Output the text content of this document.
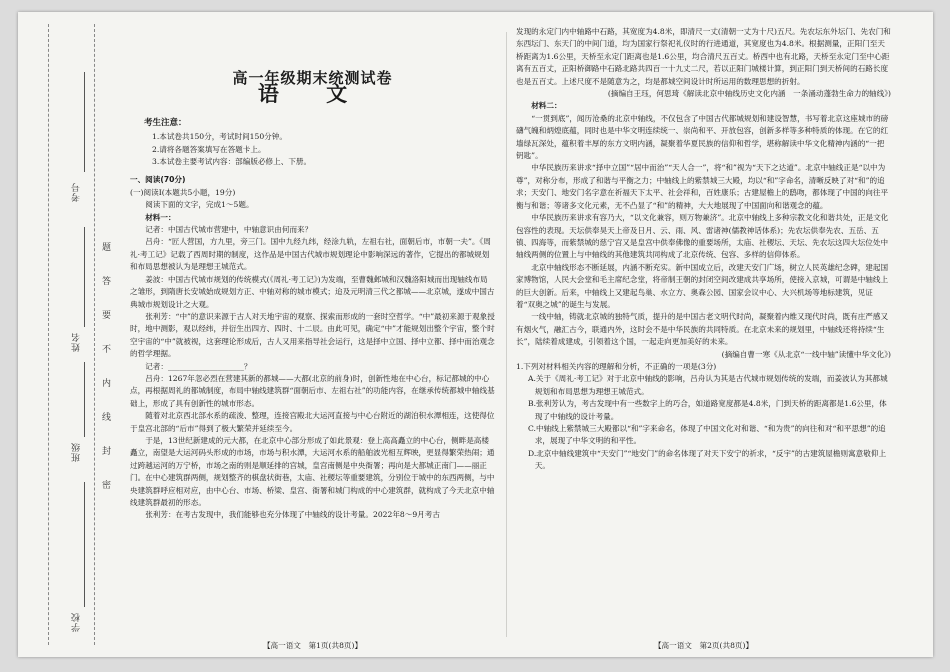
考号
姓名
班级
学校
题
答
要
不
内
线
封
密
高一年级期末统测试卷
语 文
考生注意：

1.本试卷共150分，考试时间150分钟。

2.请将各题答案填写在答题卡上。

3.本试卷主要考试内容：部编版必修上、下册。

一、阅读(70分)

(一)阅读Ⅰ(本题共5小题，19分)

阅读下面的文字，完成1～5题。

材料一：

记者：中国古代城市营建中，中轴意识由何而来？

吕舟：“匠人营国，方九里，旁三门。国中九经九纬，经涂九轨，左祖右社，面朝后市，市朝一夫”。《周礼·考工记》记载了西周时期的制度，这作品是中国古代城市规划理论中影响深远的著作，它提出的都城规划和布局思想被认为是理想王城范式。

姜波：中国古代城市规划的传统模式(《周礼·考工记》)为发端，至曹魏邺城和汉魏洛阳城而出现轴线布局之雏形，到隋唐长安城始成规划方正、中轴对称的城市模式；迨及元明清三代之都城——北京城，遂成中国古典城市规划设计之大观。

张利芳：“中”的意识来源于古人对天地宇宙的观察、探索而形成的一套时空哲学。“中”最初来源于观象授时，地中测影，观以经纬，并衍生出四方、四时、十二辰。由此可见，确定“中”才能规划出整个宇宙，整个时空宇宙的“中”就被视，这套理论形成后，古人又用来指导社会运行，这是择中立国、择中立都、择中而治观念的哲学理据。

记者：____________________？

吕舟：1267年忽必烈在营建其新的都城——大都(北京的前身)时，创新性地在中心台，标记都城的中心点，再根据周礼的都城制度，布局中轴线建筑群“面朝后市、左祖右社”的功能内容，在继承传统都城中轴线基础上，形成了具有创新性的城市形态。

随着对北京西北部水系的疏浚、整理，连接宫殿北大运河直接与中心台附近的湖泊积水潭相连，这使得位于皇宫北部的“后市”得到了极大繁荣并延续至今。

于是，13世纪新建成的元大都，在北京中心部分形成了如此景观：登上高高矗立的中心台，侧畔是高楼矗立，南望是大运河码头形成的市场，市场与积水潭，大运河水系的船舶波光相互辉映，更显得繁荣热闹；通过跨越运河的万宁桥，市场之南的则是顺延排的宫城，皇宫南侧是中央衙署；再向是大都城正南门——丽正门。在中心建筑群两侧，规划整齐的棋盘状街巷，太庙、社稷坛等重要建筑，分别位于城中的东西两侧，与中央建筑群呼应相对应，由中心台、市场、桥梁、皇宫、衙署和城门构成的中心建筑群，就构成了今天北京中轴线建筑群最初的形态。

张利芳：在考古发现中，我们能够也充分体现了中轴线的设计考量。2022年8～9月考古

【高一语文　第1页(共8页)】

发现的永定门内中轴路中石路，其宽度为4.8米，即清尺一丈(清朝一丈为十尺)五尺。先农坛东外坛门、先农门和东西坛门、东天门的中间门道，均为国家行祭祀礼仪时的行进通道，其宽度也为4.8米。根据测量，正阳门至天桥距离为1.6公里，天桥至永定门距离也是1.6公里，均合清尺五百丈。桥西中也有北路，天桥至永定门至中心距离有五百丈，正阳桥御路中石路北路共四百一十九丈二尺，若以正阳门城楼计算，到正阳门到天桥间的石路长度也是五百丈。上述尺度不是随意为之，均是都城空间设计时所运用的数理思想的折射。

(摘编自王珏，何思琦《解读北京中轴线历史文化内涵　一条涌动蓬勃生命力的轴线》)

材料二：

“一贯到底”，闻历沧桑的北京中轴线，不仅包含了中国古代都城规划和建设智慧，书写着北京这座城市的磅礴气魄和炳煌底蕴，同时也是中华文明连续统一、崇尚和平、开放包容，创新多样等多种特质的体现。在它的红墙绿瓦深处，蕴积着丰厚的东方文明内涵，凝聚着华夏民族的信仰和哲学，堪称解读中华文化精神内涵的“一把钥匙”。

中华民族历来讲求“择中立国”“居中而治”“天人合一”，将“和”视为“天下之达道”。北京中轴线正是“以中为尊”，对称分布，形成了和谐与平衡之力；中轴线上的紫禁城三大殿，均以“和”字命名，清晰反映了对“和”的追求；天安门、地安门名字意在祈福天下太平、社会祥和，百姓康乐；古建屋檐上的鸱吻，都体现了中国的向往平衡与和谐；等诸多文化元素，无不凸显了“和”的精神，大大地展现了中国面向和谐观念的蕴。

中华民族历来讲求有容乃大，“以文化兼容，则万物兼济”。北京中轴线上多种宗教文化和谐共处，正是文化包容性的表现。天坛供奉昊天上帝及日月、云、雨、风、雷诸神(儒教神话体系)；先农坛供奉先农、五岳、五镇、四海等，而紫禁城的慈宁宫又是皇宫中供奉佛像的重要场所，太庙、社稷坛、天坛、先农坛这四大坛位处中轴线两侧的位置上与中轴线的其他建筑共同构成了北京传统、包容、多样的信仰体系。

北京中轴线形态不断延展，内涵不断充实。新中国成立后，改建天安门广场，树立人民英雄纪念碑，建起国家博物馆，人民大会堂和毛主席纪念堂，将帝制王朝的封闭空间改建成共享场所，使接入京城，可谓是中轴线上的巨大创新。后来，中轴线上又建起鸟巢、水立方、奥森公园、国家会议中心、大兴机场等地标建筑，见证着“双奥之城”的诞生与发展。

一线中轴，铸就北京城的独特气质，提升的是中国古老文明代时尚，凝聚着内维又现代时尚，既有庄严感又有烟火气，融汇古今，联通内外，这时会不是中华民族的共同特质。在北京未来的规划里，中轴线还将持续“生长”，陆续着成建成，引领着这个国，一起走向更加美好的未来。

(摘编自曹一寒《从北京“一线中轴”读懂中华文化》)

1.下列对材料相关内容的理解和分析，不正确的一项是(3分)

A.关于《周礼·考工记》对于北京中轴线的影响，吕舟认为其是古代城市规划传统的发端，而姜波认为其都城规划和布局思想为理想王城范式。

B.张利芳认为，考古发现中有一些数字上的巧合，如道路宽度都是4.8米，门到天桥的距离都是1.6公里，体现了中轴线的设计考量。

C.中轴线上紫禁城三大殿都以“和”字来命名，体现了中国文化对和谐、“和为贵”的向往和对“和平思想”的追求，展现了中华文明的和平性。

D.北京中轴线建筑中“天安门”“地安门”的命名体现了对天下安宁的祈求，“反宇”的古建筑屋檐则寓意敬仰上天。

【高一语文　第2页(共8页)】
